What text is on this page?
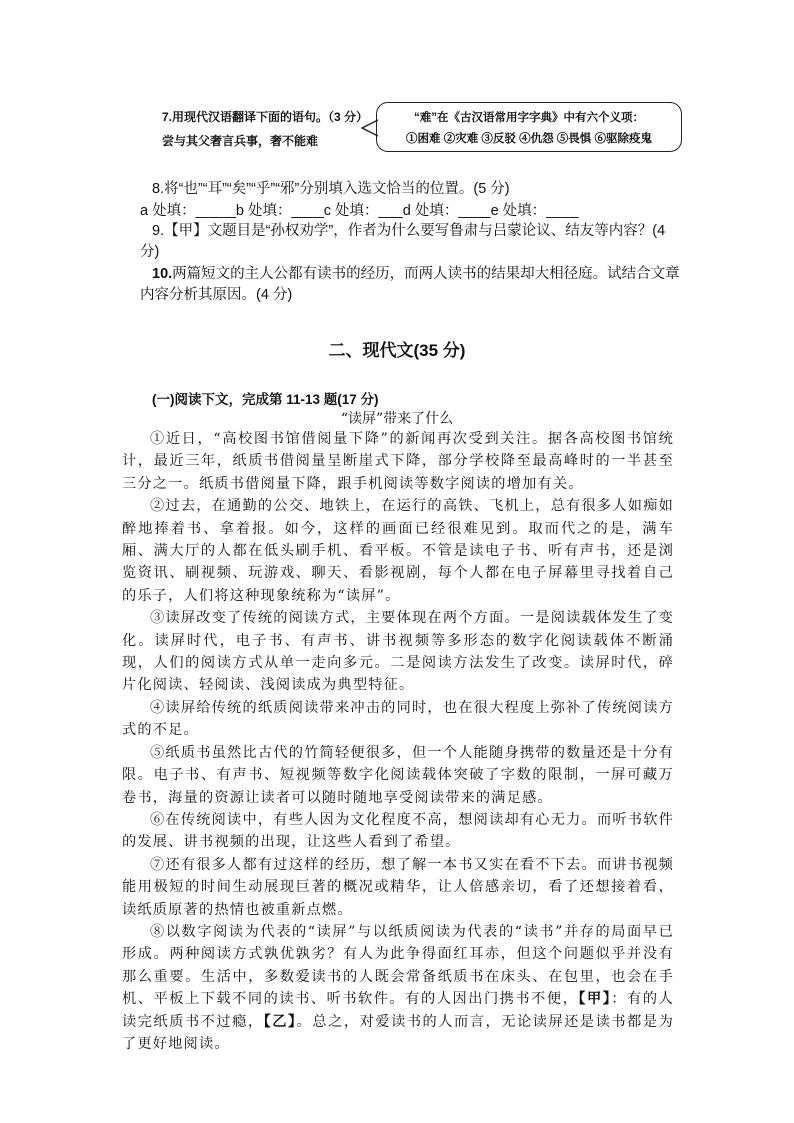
7.用现代汉语翻译下面的语句。（3 分）
尝与其父奢言兵事，奢不能难
“难”在《古汉语常用字字典》中有六个义项：
①困难 ②灾难 ③反驳 ④仇怨 ⑤畏惧 ⑥驱除疫鬼
8.将“也”“耳”“矣”“乎”“邪”分别填入选文恰当的位置。(5 分)
a 处填：_____b 处填：____c 处填：___d 处填：____e 处填：____
9.【甲】文题目是“孙权劝学”，作者为什么要写鲁肃与吕蒙论议、结友等内容？(4 分)
10.两篇短文的主人公都有读书的经历，而两人读书的结果却大相径庭。试结合文章内容分析其原因。(4 分)
二、现代文(35 分)
(一)阅读下文，完成第 11-13 题(17 分)
“读屏”带来了什么

①近日，“高校图书馆借阅量下降”的新闻再次受到关注。据各高校图书馆统计，最近三年，纸质书借阅量呈断崖式下降，部分学校降至最高峰时的一半甚至三分之一。纸质书借阅量下降，跟手机阅读等数字阅读的增加有关。

②过去，在通勤的公交、地铁上，在运行的高铁、飞机上，总有很多人如痴如醉地捧着书、拿着报。如今，这样的画面已经很难见到。取而代之的是，满车厢、满大厅的人都在低头刷手机、看平板。不管是读电子书、听有声书，还是浏览资讯、刷视频、玩游戏、聊天、看影视剧，每个人都在电子屏幕里寻找着自己的乐子，人们将这种现象统称为“读屏”。

③读屏改变了传统的阅读方式，主要体现在两个方面。一是阅读载体发生了变化。读屏时代，电子书、有声书、讲书视频等多形态的数字化阅读载体不断涌现，人们的阅读方式从单一走向多元。二是阅读方法发生了改变。读屏时代，碎片化阅读、轻阅读、浅阅读成为典型特征。

④读屏给传统的纸质阅读带来冲击的同时，也在很大程度上弥补了传统阅读方式的不足。

⑤纸质书虽然比古代的竹简轻便很多，但一个人能随身携带的数量还是十分有限。电子书、有声书、短视频等数字化阅读载体突破了字数的限制，一屏可藏万卷书，海量的资源让读者可以随时随地享受阅读带来的满足感。

⑥在传统阅读中，有些人因为文化程度不高，想阅读却有心无力。而听书软件的发展、讲书视频的出现，让这些人看到了希望。

⑦还有很多人都有过这样的经历，想了解一本书又实在看不下去。而讲书视频能用极短的时间生动展现巨著的概况或精华，让人倍感亲切，看了还想接着看，读纸质原著的热情也被重新点燃。

⑧以数字阅读为代表的“读屏”与以纸质阅读为代表的“读书”并存的局面早已形成。两种阅读方式孰优孰劣？有人为此争得面红耳赤，但这个问题似乎并没有那么重要。生活中，多数爱读书的人既会常备纸质书在床头、在包里，也会在手机、平板上下载不同的读书、听书软件。有的人因出门携书不便，【甲】：有的人读完纸质书不过瘾，【乙】。总之，对爱读书的人而言，无论读屏还是读书都是为了更好地阅读。
